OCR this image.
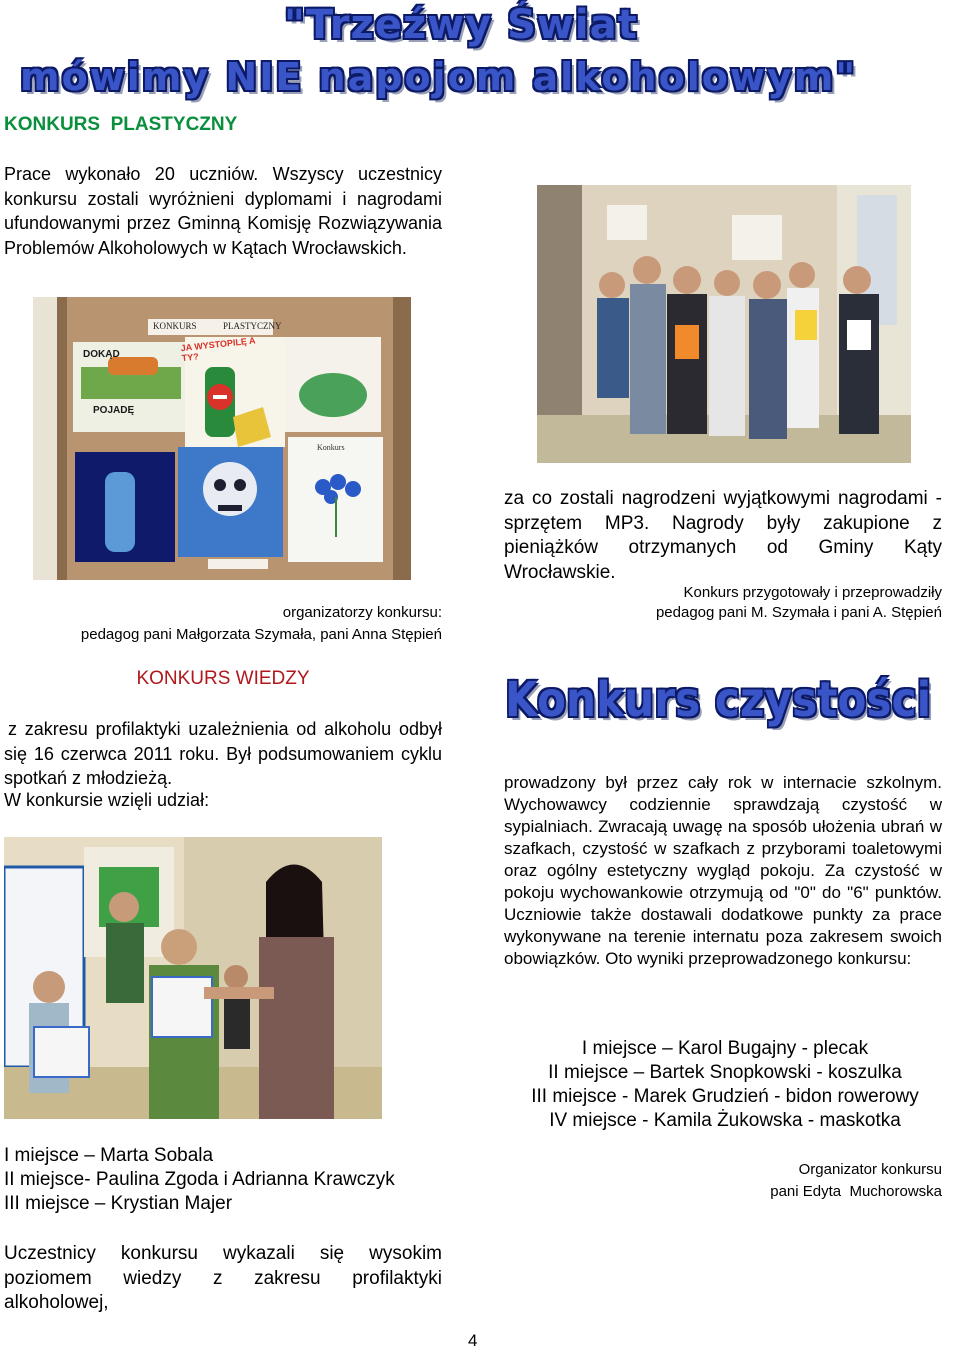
"Trzeźwy Świat
mówimy NIE napojom alkoholowym"
KONKURS  PLASTYCZNY
Prace wykonało 20 uczniów. Wszyscy uczestnicy konkursu zostali wyróżnieni dyplomami i nagrodami ufundowanymi przez Gminną Komisję Rozwiązywania Problemów Alkoholowych w Kątach Wrocławskich.
KONKURS	PLASTYCZNY
JA WYSTOPILĘ A TY?
DOKĄD
POJADĘ
Konkurs
organizatorzy konkursu:
pedagog pani Małgorzata Szymała, pani Anna Stępień
KONKURS WIEDZY
z zakresu profilaktyki uzależnienia od alkoholu odbył się 16 czerwca 2011 roku. Był podsumowaniem cyklu spotkań z młodzieżą.
W konkursie wzięli udział:
I miejsce – Marta Sobala
II miejsce- Paulina Zgoda i Adrianna Krawczyk
III miejsce – Krystian Majer
Uczestnicy konkursu wykazali się wysokim poziomem wiedzy z zakresu profilaktyki alkoholowej,
za co zostali nagrodzeni wyjątkowymi nagrodami - sprzętem MP3. Nagrody były zakupione z pieniążków otrzymanych od Gminy Kąty Wrocławskie.
Konkurs przygotowały i przeprowadziły
pedagog pani M. Szymała i pani A. Stępień
Konkurs czystości
prowadzony był przez cały rok w internacie szkolnym. Wychowawcy codziennie sprawdzają czystość w sypialniach. Zwracają uwagę na sposób ułożenia ubrań w szafkach, czystość w szafkach z przyborami toaletowymi oraz ogólny estetyczny wygląd pokoju. Za czystość w pokoju wychowankowie otrzymują od "0" do "6" punktów. Uczniowie także dostawali dodatkowe punkty za prace wykonywane na terenie internatu poza zakresem swoich obowiązków. Oto wyniki przeprowadzonego konkursu:
I miejsce – Karol Bugajny - plecak
II miejsce – Bartek Snopkowski - koszulka
III miejsce - Marek Grudzień - bidon rowerowy
IV miejsce - Kamila Żukowska - maskotka
Organizator konkursu
pani Edyta  Muchorowska
4
